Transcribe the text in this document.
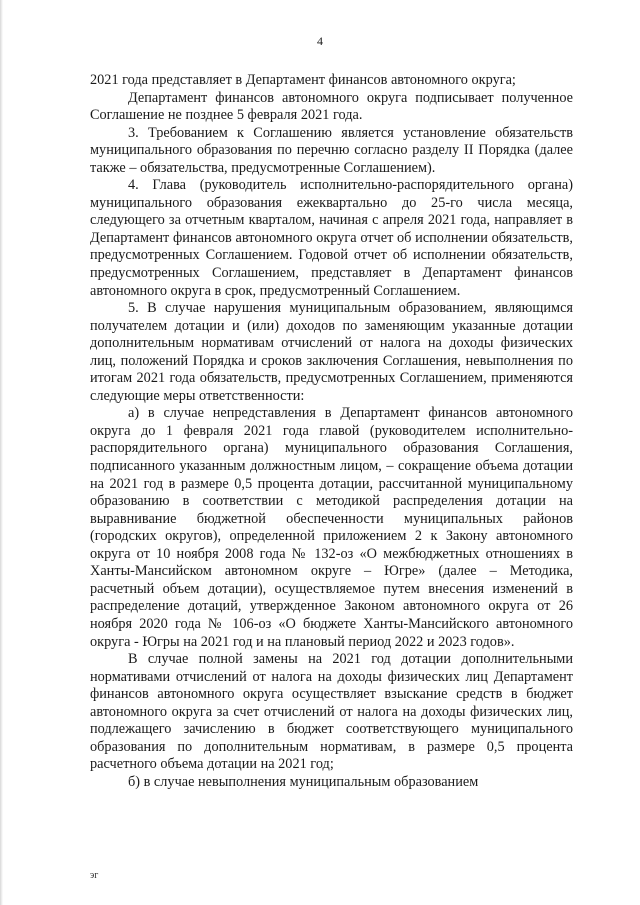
4

2021 года представляет в Департамент финансов автономного округа;

Департамент финансов автономного округа подписывает полученное Соглашение не позднее 5 февраля 2021 года.

3. Требованием к Соглашению является установление обязательств муниципального образования по перечню согласно разделу II Порядка (далее также – обязательства, предусмотренные Соглашением).

4. Глава (руководитель исполнительно-распорядительного органа) муниципального образования ежеквартально до 25-го числа месяца, следующего за отчетным кварталом, начиная с апреля 2021 года, направляет в Департамент финансов автономного округа отчет об исполнении обязательств, предусмотренных Соглашением. Годовой отчет об исполнении обязательств, предусмотренных Соглашением, представляет в Департамент финансов автономного округа в срок, предусмотренный Соглашением.

5. В случае нарушения муниципальным образованием, являющимся получателем дотации и (или) доходов по заменяющим указанные дотации дополнительным нормативам отчислений от налога на доходы физических лиц, положений Порядка и сроков заключения Соглашения, невыполнения по итогам 2021 года обязательств, предусмотренных Соглашением, применяются следующие меры ответственности:

а) в случае непредставления в Департамент финансов автономного округа до 1 февраля 2021 года главой (руководителем исполнительно-распорядительного органа) муниципального образования Соглашения, подписанного указанным должностным лицом, – сокращение объема дотации на 2021 год в размере 0,5 процента дотации, рассчитанной муниципальному образованию в соответствии с методикой распределения дотации на выравнивание бюджетной обеспеченности муниципальных районов (городских округов), определенной приложением 2 к Закону автономного округа от 10 ноября 2008 года № 132-оз «О межбюджетных отношениях в Ханты-Мансийском автономном округе – Югре» (далее – Методика, расчетный объем дотации), осуществляемое путем внесения изменений в распределение дотаций, утвержденное Законом автономного округа от 26 ноября 2020 года № 106-оз «О бюджете Ханты-Мансийского автономного округа - Югры на 2021 год и на плановый период 2022 и 2023 годов».

В случае полной замены на 2021 год дотации дополнительными нормативами отчислений от налога на доходы физических лиц Департамент финансов автономного округа осуществляет взыскание средств в бюджет автономного округа за счет отчислений от налога на доходы физических лиц, подлежащего зачислению в бюджет соответствующего муниципального образования по дополнительным нормативам, в размере 0,5 процента расчетного объема дотации на 2021 год;

б) в случае невыполнения муниципальным образованием

эг
